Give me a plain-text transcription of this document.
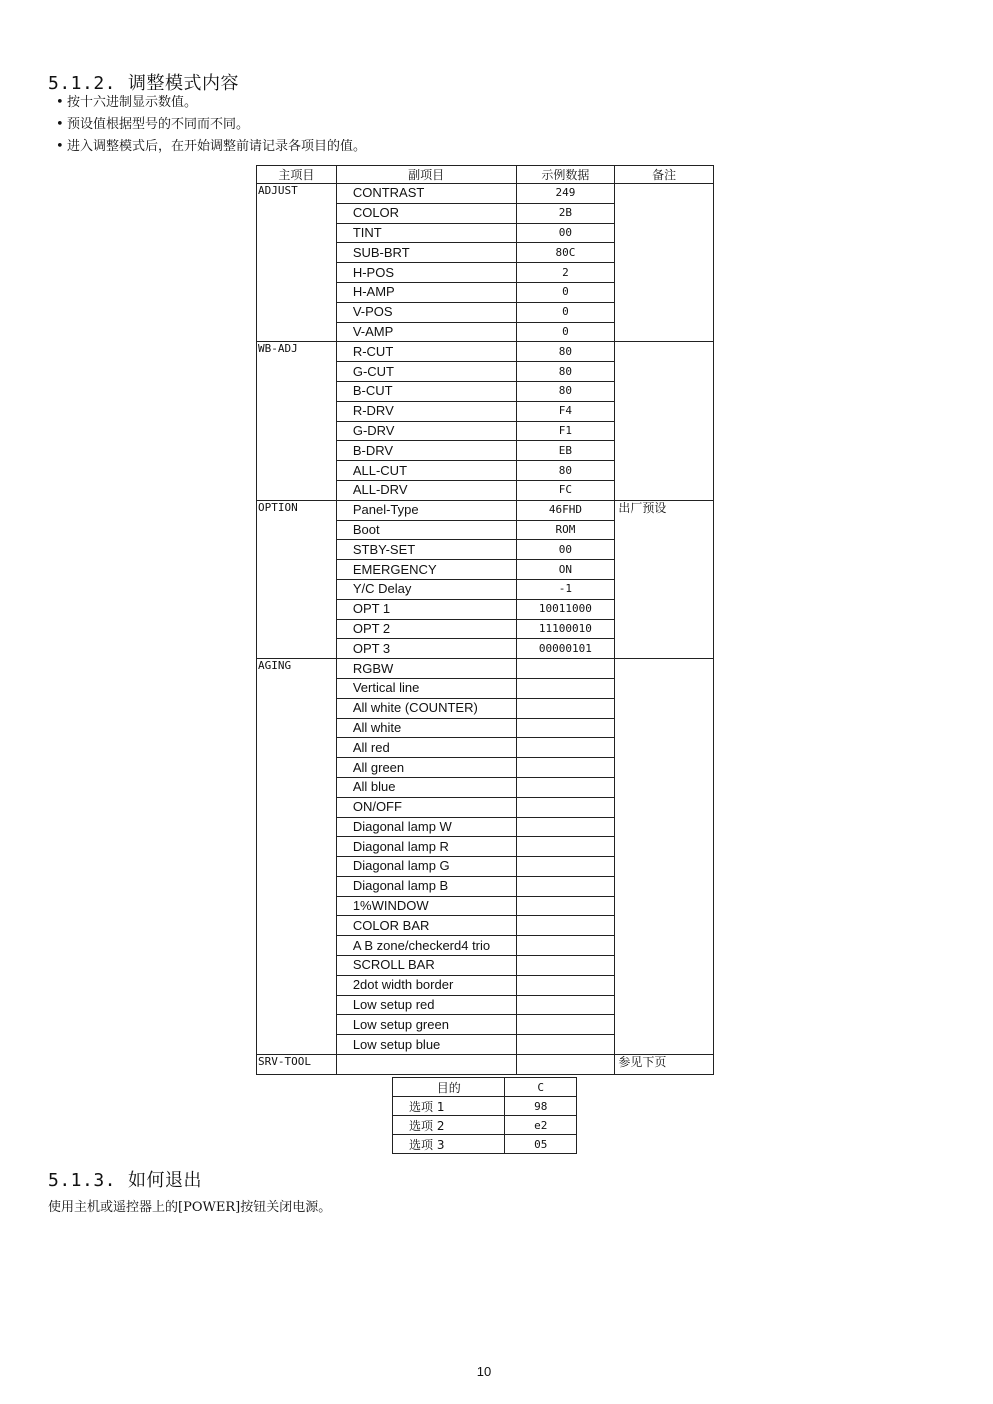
5.1.2. 调整模式内容
• 按十六进制显示数值。
• 预设值根据型号的不同而不同。
• 进入调整模式后，在开始调整前请记录各项目的值。
主项目	副项目	示例数据	备注
ADJUST	CONTRAST	249	
	COLOR	2B	
	TINT	00	
	SUB-BRT	80C	
	H-POS	2	
	H-AMP	0	
	V-POS	0	
	V-AMP	0	
WB-ADJ	R-CUT	80	
	G-CUT	80	
	B-CUT	80	
	R-DRV	F4	
	G-DRV	F1	
	B-DRV	EB	
	ALL-CUT	80	
	ALL-DRV	FC	
OPTION	Panel-Type	46FHD	出厂预设
	Boot	ROM	
	STBY-SET	00	
	EMERGENCY	ON	
	Y/C Delay	-1	
	OPT 1	10011000	
	OPT 2	11100010	
	OPT 3	00000101	
AGING	RGBW		
	Vertical line		
	All white (COUNTER)		
	All white		
	All red		
	All green		
	All blue		
	ON/OFF		
	Diagonal lamp W		
	Diagonal lamp R		
	Diagonal lamp G		
	Diagonal lamp B		
	1%WINDOW		
	COLOR BAR		
	A B zone/checkerd4 trio		
	SCROLL BAR		
	2dot width border		
	Low setup red		
	Low setup green		
	Low setup blue		
SRV-TOOL			参见下页
目的	C
选项 1	98
选项 2	e2
选项 3	05
5.1.3. 如何退出
使用主机或遥控器上的[POWER]按钮关闭电源。
10
